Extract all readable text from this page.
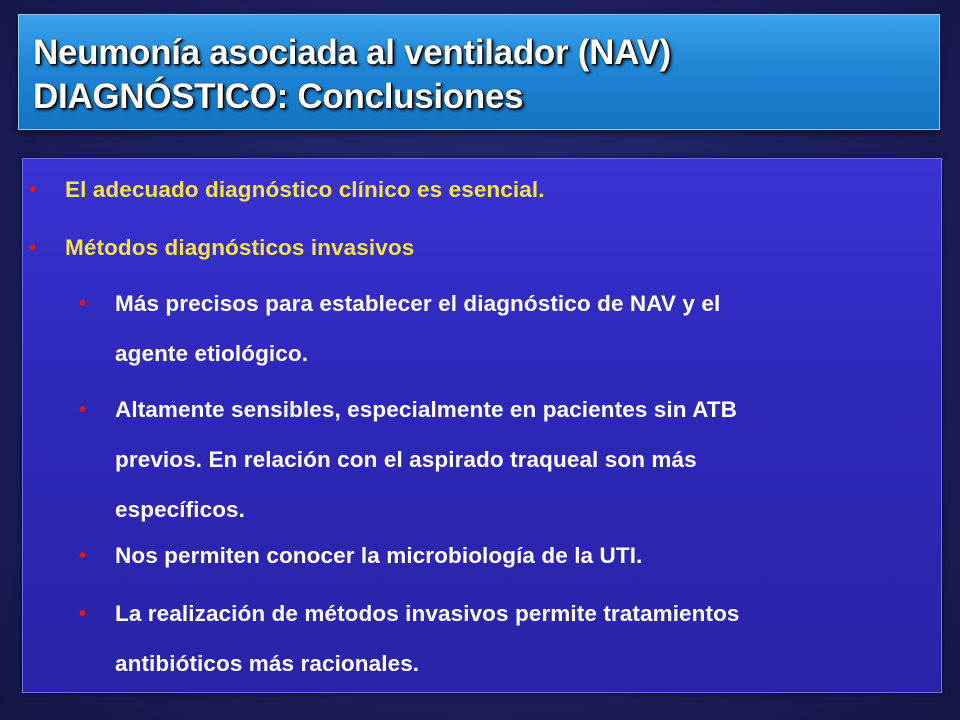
Neumonía asociada al ventilador (NAV)
DIAGNÓSTICO: Conclusiones
• El adecuado diagnóstico clínico es esencial.
• Métodos diagnósticos invasivos
• Más precisos para establecer el diagnóstico de NAV y el
agente etiológico.
• Altamente sensibles, especialmente en pacientes sin ATB
previos. En relación con el aspirado traqueal son más
específicos.
• Nos permiten conocer la microbiología de la UTI.
• La realización de métodos invasivos permite tratamientos
antibióticos más racionales.
